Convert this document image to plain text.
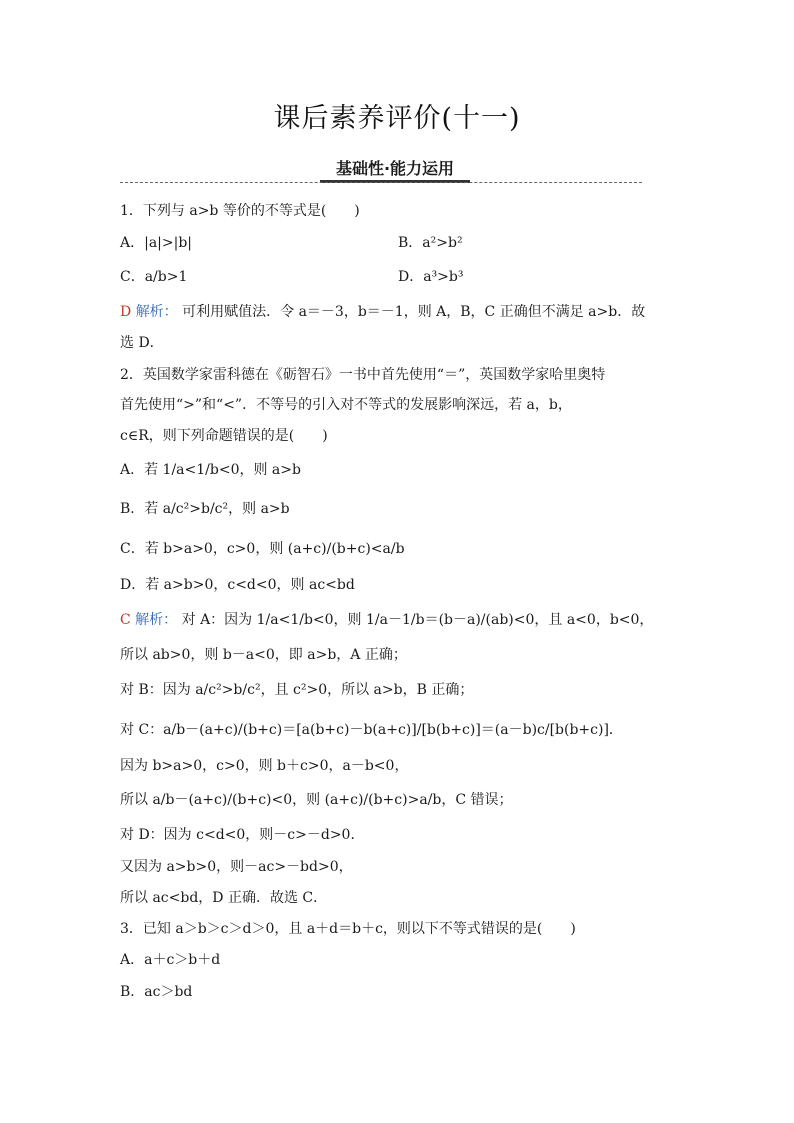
课后素养评价(十一)
基础性·能力运用
1．下列与 a>b 等价的不等式是(　　)
A．|a|>|b|	B．a²>b²
C．a/b>1	D．a³>b³
D 解析： 可利用赋值法．令 a＝－3，b＝－1，则 A，B，C 正确但不满足 a>b．故
选 D．
2．英国数学家雷科德在《砺智石》一书中首先使用“＝”，英国数学家哈里奥特
首先使用“>”和“<”．不等号的引入对不等式的发展影响深远，若 a，b，
c∈R，则下列命题错误的是(　　)
A．若 1/a<1/b<0，则 a>b
B．若 a/c²>b/c²，则 a>b
C．若 b>a>0，c>0，则 (a+c)/(b+c)<a/b
D．若 a>b>0，c<d<0，则 ac<bd
C 解析： 对 A：因为 1/a<1/b<0，则 1/a－1/b＝(b－a)/(ab)<0，且 a<0，b<0，
所以 ab>0，则 b－a<0，即 a>b，A 正确；
对 B：因为 a/c²>b/c²，且 c²>0，所以 a>b，B 正确；
对 C：a/b－(a+c)/(b+c)＝[a(b+c)－b(a+c)]/[b(b+c)]＝(a－b)c/[b(b+c)]．
因为 b>a>0，c>0，则 b＋c>0，a－b<0，
所以 a/b－(a+c)/(b+c)<0，则 (a+c)/(b+c)>a/b，C 错误；
对 D：因为 c<d<0，则－c>－d>0．
又因为 a>b>0，则－ac>－bd>0，
所以 ac<bd，D 正确．故选 C．
3．已知 a＞b＞c＞d＞0，且 a＋d＝b＋c，则以下不等式错误的是(　　)
A．a＋c＞b＋d
B．ac＞bd
